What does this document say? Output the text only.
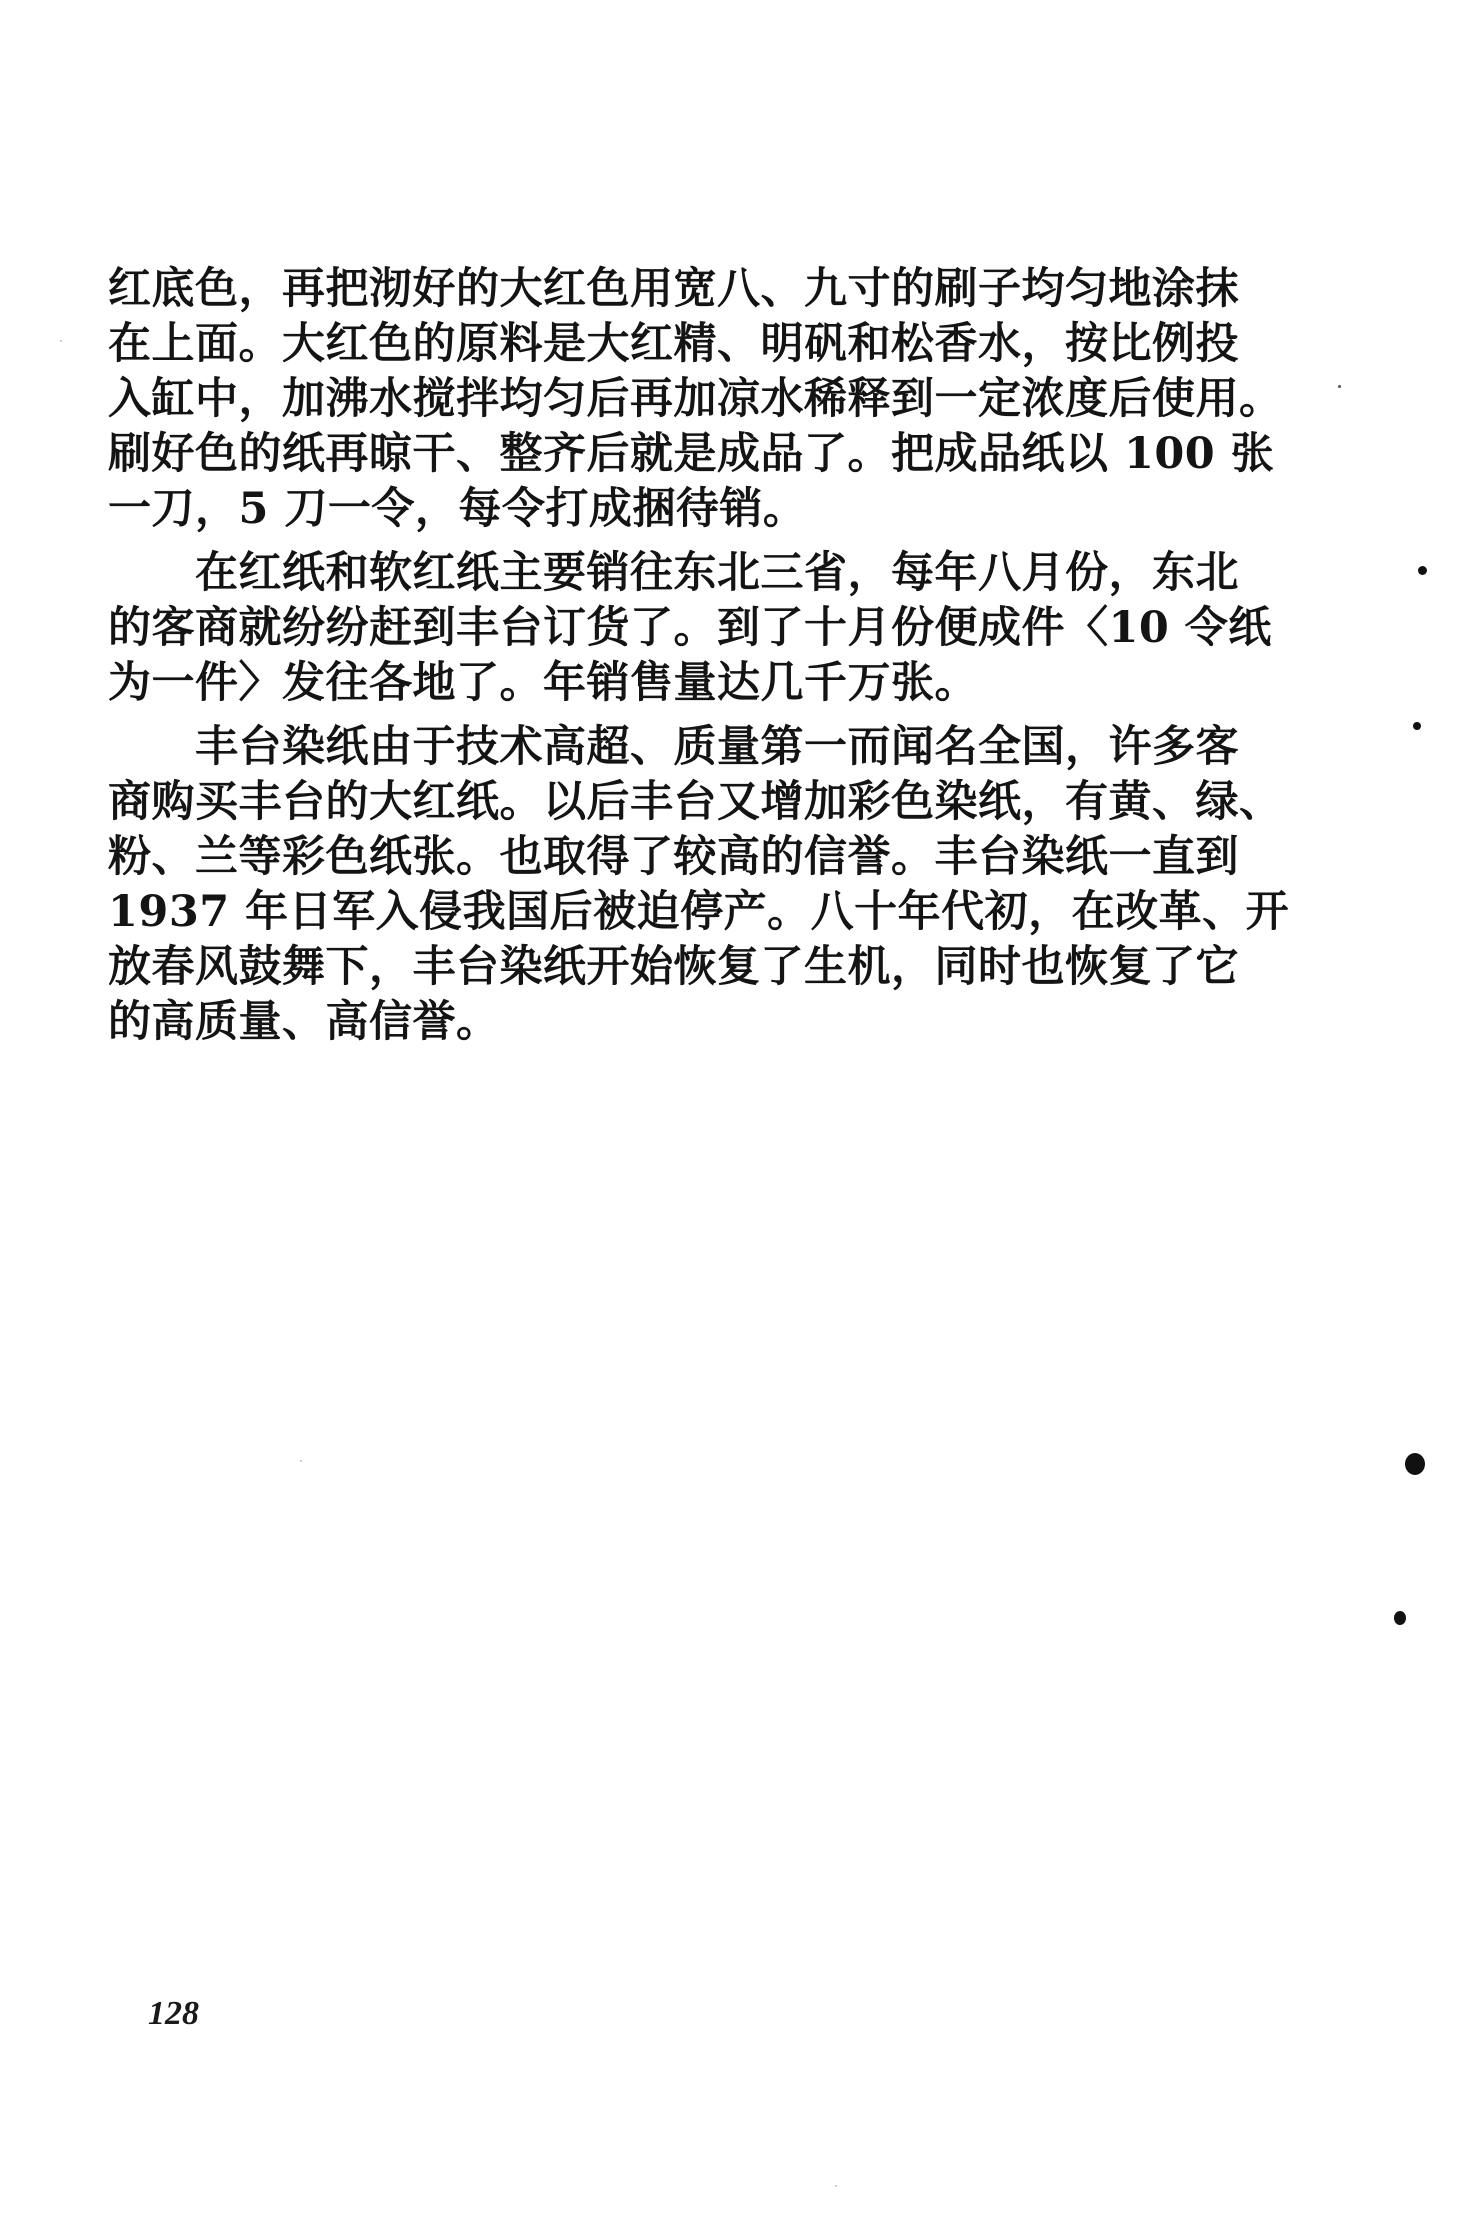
红底色，再把沏好的大红色用宽八、九寸的刷子均匀地涂抹
在上面。大红色的原料是大红精、明矾和松香水，按比例投
入缸中，加沸水搅拌均匀后再加凉水稀释到一定浓度后使用。
刷好色的纸再晾干、整齐后就是成品了。把成品纸以 100 张
一刀，5 刀一令，每令打成捆待销。
　　在红纸和软红纸主要销往东北三省，每年八月份，东北
的客商就纷纷赶到丰台订货了。到了十月份便成件〈10 令纸
为一件〉发往各地了。年销售量达几千万张。
　　丰台染纸由于技术高超、质量第一而闻名全国，许多客
商购买丰台的大红纸。以后丰台又增加彩色染纸，有黄、绿、
粉、兰等彩色纸张。也取得了较高的信誉。丰台染纸一直到
1937 年日军入侵我国后被迫停产。八十年代初，在改革、开
放春风鼓舞下，丰台染纸开始恢复了生机，同时也恢复了它
的高质量、高信誉。
128
